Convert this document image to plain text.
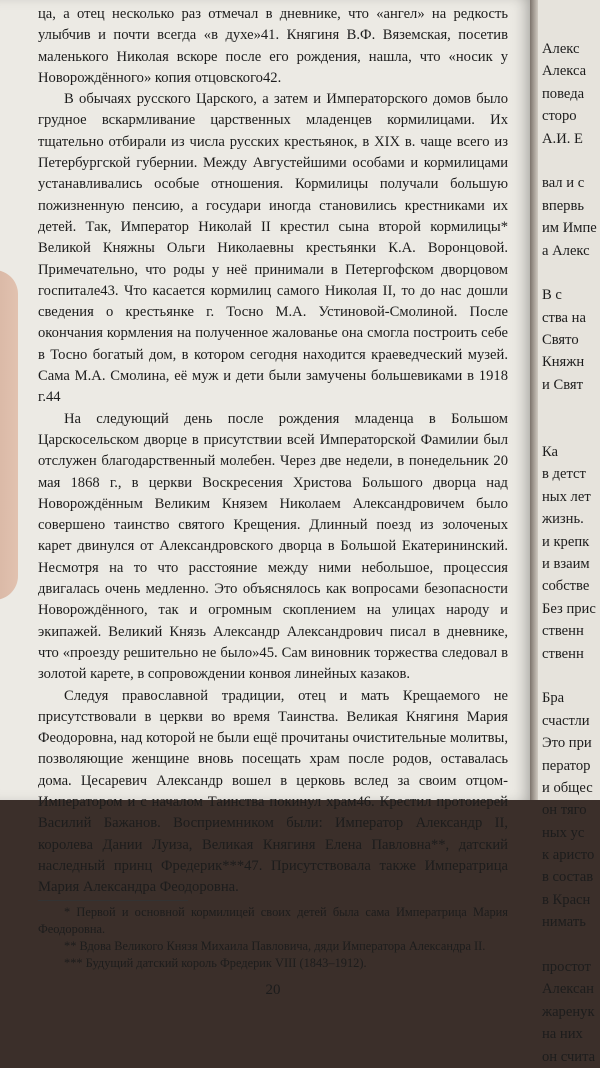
ца, а отец несколько раз отмечал в дневнике, что «ангел» на редкость улыбчив и почти всегда «в духе»41. Княгиня В.Ф. Вяземская, посетив маленького Николая вскоре после его рождения, нашла, что «носик у Новорождённого» копия отцовского42.

В обычаях русского Царского, а затем и Императорского домов было грудное вскармливание царственных младенцев кормилицами. Их тщательно отбирали из числа русских крестьянок, в XIX в. чаще всего из Петербургской губернии. Между Августейшими особами и кормилицами устанавливались особые отношения. Кормилицы получали большую пожизненную пенсию, а государи иногда становились крестниками их детей. Так, Император Николай II крестил сына второй кормилицы* Великой Княжны Ольги Николаевны крестьянки К.А. Воронцовой. Примечательно, что роды у неё принимали в Петергофском дворцовом госпитале43. Что касается кормилиц самого Николая II, то до нас дошли сведения о крестьянке г. Тосно М.А. Устиновой-Смолиной. После окончания кормления на полученное жалованье она смогла построить себе в Тосно богатый дом, в котором сегодня находится краеведческий музей. Сама М.А. Смолина, её муж и дети были замучены большевиками в 1918 г.44

На следующий день после рождения младенца в Большом Царскосельском дворце в присутствии всей Императорской Фамилии был отслужен благодарственный молебен. Через две недели, в понедельник 20 мая 1868 г., в церкви Воскресения Христова Большого дворца над Новорождённым Великим Князем Николаем Александровичем было совершено таинство святого Крещения. Длинный поезд из золоченых карет двинулся от Александровского дворца в Большой Екатерининский. Несмотря на то что расстояние между ними небольшое, процессия двигалась очень медленно. Это объяснялось как вопросами безопасности Новорождённого, так и огромным скоплением на улицах народу и экипажей. Великий Князь Александр Александрович писал в дневнике, что «проезду решительно не было»45. Сам виновник торжества следовал в золотой карете, в сопровождении конвоя линейных казаков.

Следуя православной традиции, отец и мать Крещаемого не присутствовали в церкви во время Таинства. Великая Княгиня Мария Феодоровна, над которой не были ещё прочитаны очистительные молитвы, позволяющие женщине вновь посещать храм после родов, оставалась дома. Цесаревич Александр вошел в церковь вслед за своим отцом-Императором и с началом Таинства покинул храм46. Крестил протоиерей Василий Бажанов. Восприемником были: Император Александр II, королева Дании Луиза, Великая Княгиня Елена Павловна**, датский наследный принц Фредерик***47. Присутствовала также Императрица Мария Александра Феодоровна.

* Первой и основной кормилицей своих детей была сама Императрица Мария Феодоровна.

** Вдова Великого Князя Михаила Павловича, дяди Императора Александра II.

*** Будущий датский король Фредерик VIII (1843–1912).

20
Алекс
Алекса
поведа
сторо
А.И. Е
вал и с
впервь
им Импе
а Алекс
В с
ства на
Свято
Княжн
и Свят
Ка
в детст
ных лет
жизнь.
и крепк
и взаим
собстве
Без прис
ственн
ственн
Бра
счастли
Это при
ператор
и общес
он тяго
ных ус
к аристо
в состав
в Красн
нимать
простот
Алексан
жаренук
на них
он счита
